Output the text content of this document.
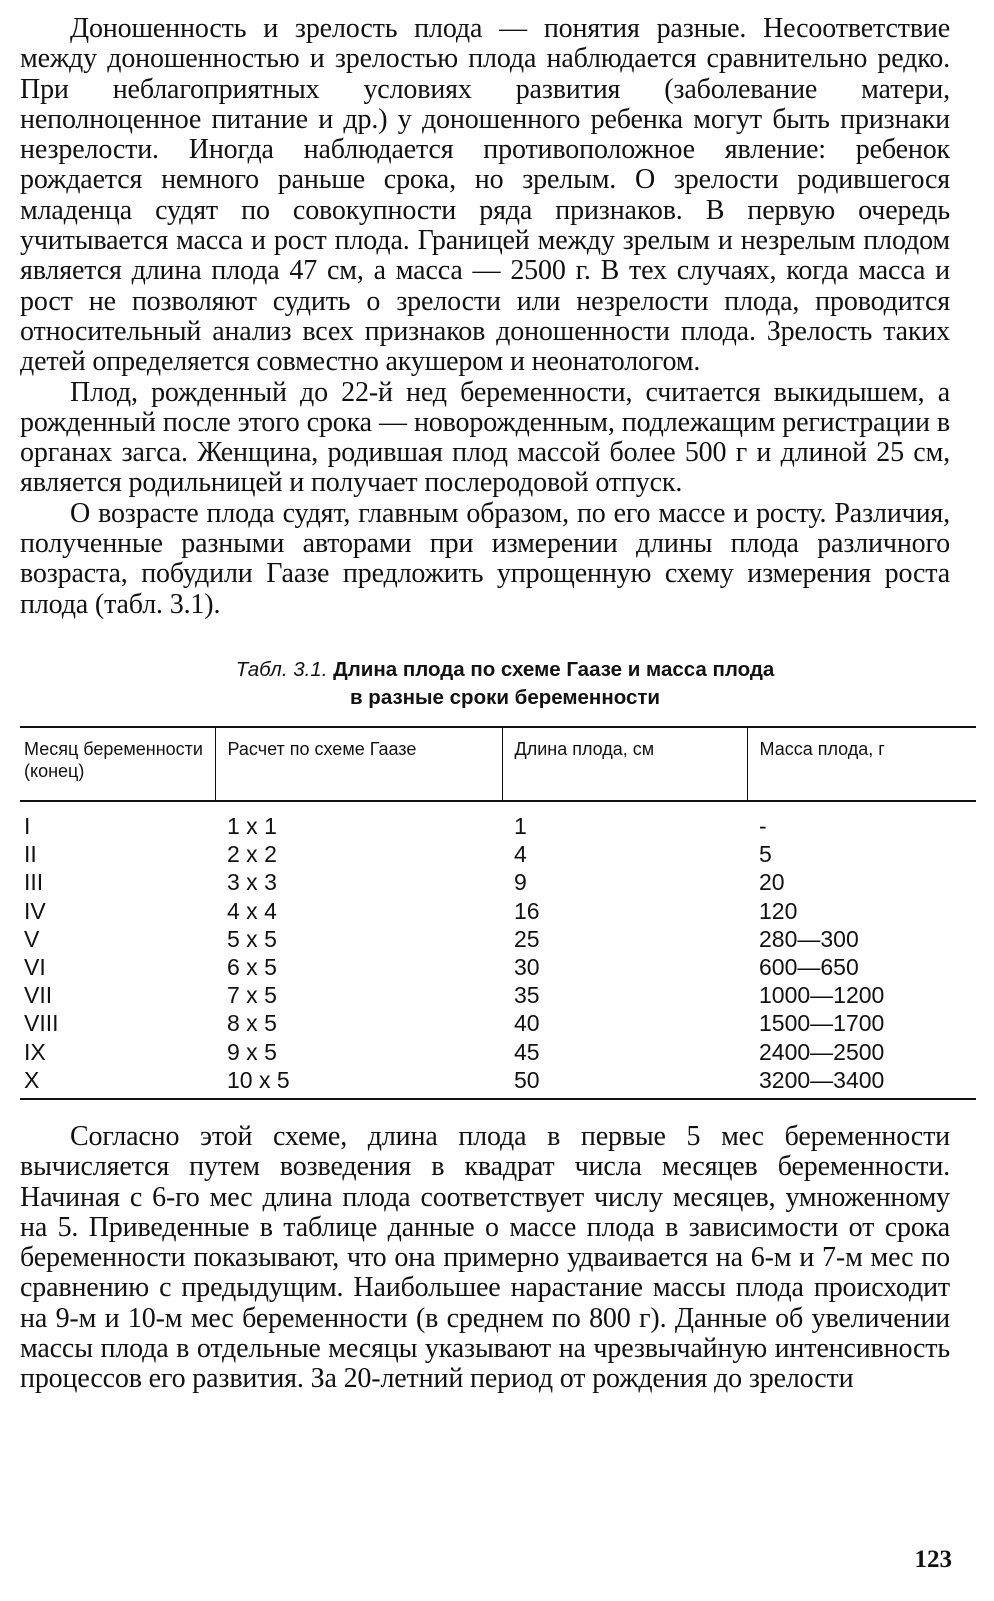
Доношенность и зрелость плода — понятия разные. Несоответствие между доношенностью и зрелостью плода наблюдается сравнительно редко. При неблагоприятных условиях развития (заболевание матери, неполноценное питание и др.) у доношенного ребенка могут быть признаки незрелости. Иногда наблюдается противоположное явление: ребенок рождается немного раньше срока, но зрелым. О зрелости родившегося младенца судят по совокупности ряда признаков. В первую очередь учитывается масса и рост плода. Границей между зрелым и незрелым плодом является длина плода 47 см, а масса — 2500 г. В тех случаях, когда масса и рост не позволяют судить о зрелости или незрелости плода, проводится относительный анализ всех признаков доношенности плода. Зрелость таких детей определяется совместно акушером и неонатологом.

Плод, рожденный до 22-й нед беременности, считается выкидышем, а рожденный после этого срока — новорожденным, подлежащим регистрации в органах загса. Женщина, родившая плод массой более 500 г и длиной 25 см, является родильницей и получает послеродовой отпуск.

О возрасте плода судят, главным образом, по его массе и росту. Различия, полученные разными авторами при измерении длины плода различного возраста, побудили Гаазе предложить упрощенную схему измерения роста плода (табл. 3.1).

Табл. 3.1. Длина плода по схеме Гаазе и масса плода
в разные сроки беременности
Месяц беременности (конец)	Расчет по схеме Гаазе	Длина плода, см	Масса плода, г
I	1 x 1	1	-
II	2 x 2	4	5
III	3 x 3	9	20
IV	4 x 4	16	120
V	5 x 5	25	280—300
VI	6 x 5	30	600—650
VII	7 x 5	35	1000—1200
VIII	8 x 5	40	1500—1700
IX	9 x 5	45	2400—2500
X	10 x 5	50	3200—3400

Согласно этой схеме, длина плода в первые 5 мес беременности вычисляется путем возведения в квадрат числа месяцев беременности. Начиная с 6-го мес длина плода соответствует числу месяцев, умноженному на 5. Приведенные в таблице данные о массе плода в зависимости от срока беременности показывают, что она примерно удваивается на 6-м и 7-м мес по сравнению с предыдущим. Наибольшее нарастание массы плода происходит на 9-м и 10-м мес беременности (в среднем по 800 г). Данные об увеличении массы плода в отдельные месяцы указывают на чрезвычайную интенсивность процессов его развития. За 20-летний период от рождения до зрелости

123
